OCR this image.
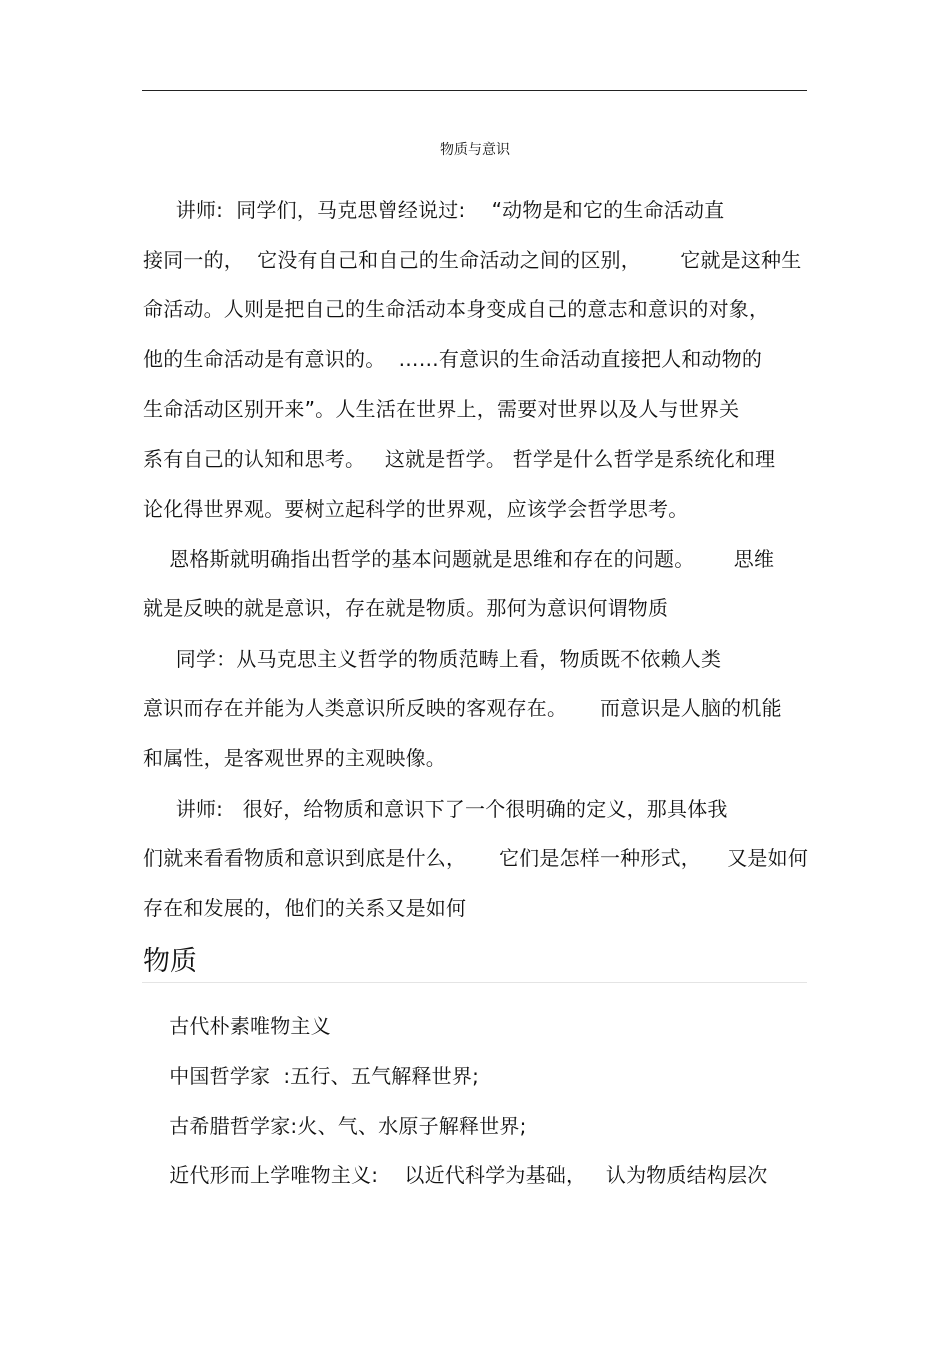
物质与意识
讲师:  同学们，马克思曾经说过:    “动物是和它的生命活动直
接同一的，  它没有自己和自己的生命活动之间的区别，      它就是这种生
命活动。人则是把自己的生命活动本身变成自己的意志和意识的对象，
他的生命活动是有意识的。  ……有意识的生命活动直接把人和动物的
生命活动区别开来”。人生活在世界上，需要对世界以及人与世界关
系有自己的认知和思考。   这就是哲学。 哲学是什么哲学是系统化和理
论化得世界观。要树立起科学的世界观，应该学会哲学思考。
恩格斯就明确指出哲学的基本问题就是思维和存在的问题。      思维
就是反映的就是意识，存在就是物质。那何为意识何谓物质
同学：从马克思主义哲学的物质范畴上看，物质既不依赖人类
意识而存在并能为人类意识所反映的客观存在。     而意识是人脑的机能
和属性，是客观世界的主观映像。
讲师:   很好，给物质和意识下了一个很明确的定义，那具体我
们就来看看物质和意识到底是什么，     它们是怎样一种形式，    又是如何
存在和发展的，他们的关系又是如何
物质
古代朴素唯物主义
中国哲学家  :五行、五气解释世界;
古希腊哲学家:火、气、水原子解释世界;
近代形而上学唯物主义:    以近代科学为基础，   认为物质结构层次
